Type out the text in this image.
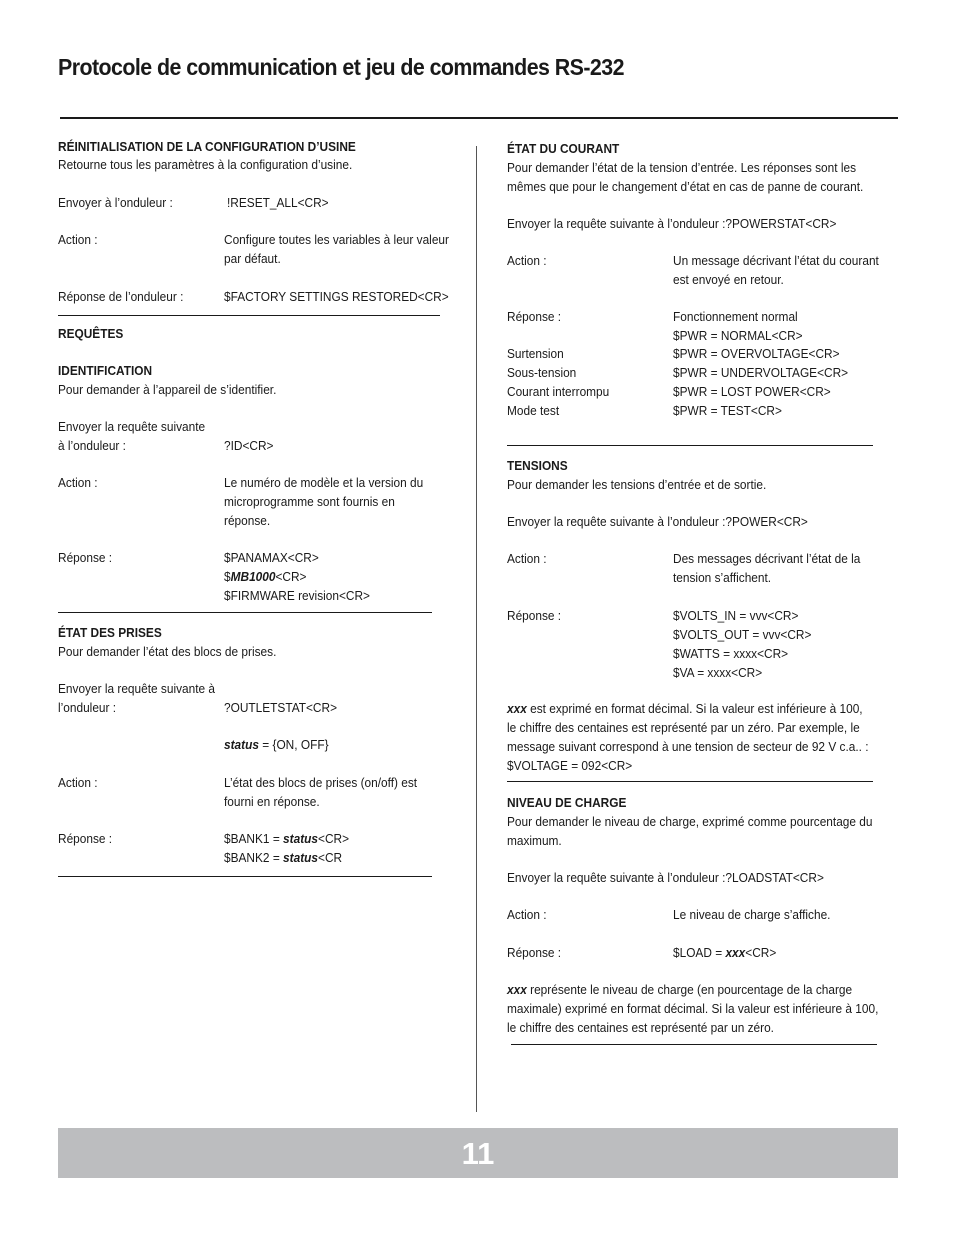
Protocole de communication et jeu de commandes RS-232
RÉINITIALISATION DE LA CONFIGURATION D’USINE
Retourne tous les paramètres à la configuration d’usine.
Envoyer à l’onduleur :	!RESET_ALL<CR>
Action :	Configure toutes les variables à leur valeur
par défaut.
Réponse de l’onduleur :	$FACTORY SETTINGS RESTORED<CR>
REQUÊTES
IDENTIFICATION
Pour demander à l’appareil de s’identifier.
Envoyer la requête suivante
à l’onduleur :	?ID<CR>
Action :	Le numéro de modèle et la version du
microprogramme sont fournis en
réponse.
Réponse :	$PANAMAX<CR>
$MB1000<CR>
$FIRMWARE revision<CR>
ÉTAT DES PRISES
Pour demander l’état des blocs de prises.
Envoyer la requête suivante à
l’onduleur :	?OUTLETSTAT<CR>
status = {ON, OFF}
Action :	L’état des blocs de prises (on/off) est
fourni en réponse.
Réponse :	$BANK1 = status<CR>
$BANK2 = status<CR
ÉTAT DU COURANT
Pour demander l’état de la tension d’entrée. Les réponses sont les
mêmes que pour le changement d’état en cas de panne de courant.
Envoyer la requête suivante à l’onduleur :?POWERSTAT<CR>
Action :	Un message décrivant l’état du courant
est envoyé en retour.
Réponse :	Fonctionnement normal
$PWR = NORMAL<CR>
Surtension	$PWR = OVERVOLTAGE<CR>
Sous-tension	$PWR = UNDERVOLTAGE<CR>
Courant interrompu	$PWR = LOST POWER<CR>
Mode test	$PWR = TEST<CR>
TENSIONS
Pour demander les tensions d’entrée et de sortie.
Envoyer la requête suivante à l’onduleur :?POWER<CR>
Action :	Des messages décrivant l’état de la
tension s’affichent.
Réponse :	$VOLTS_IN = vvv<CR>
$VOLTS_OUT = vvv<CR>
$WATTS = xxxx<CR>
$VA = xxxx<CR>
xxx est exprimé en format décimal. Si la valeur est inférieure à 100,
le chiffre des centaines est représenté par un zéro. Par exemple, le
message suivant correspond à une tension de secteur de 92 V c.a.. :
$VOLTAGE = 092<CR>
NIVEAU DE CHARGE
Pour demander le niveau de charge, exprimé comme pourcentage du
maximum.
Envoyer la requête suivante à l’onduleur :?LOADSTAT<CR>
Action :	Le niveau de charge s’affiche.
Réponse :	$LOAD = xxx<CR>
xxx représente le niveau de charge (en pourcentage de la charge
maximale) exprimé en format décimal. Si la valeur est inférieure à 100,
le chiffre des centaines est représenté par un zéro.
11
